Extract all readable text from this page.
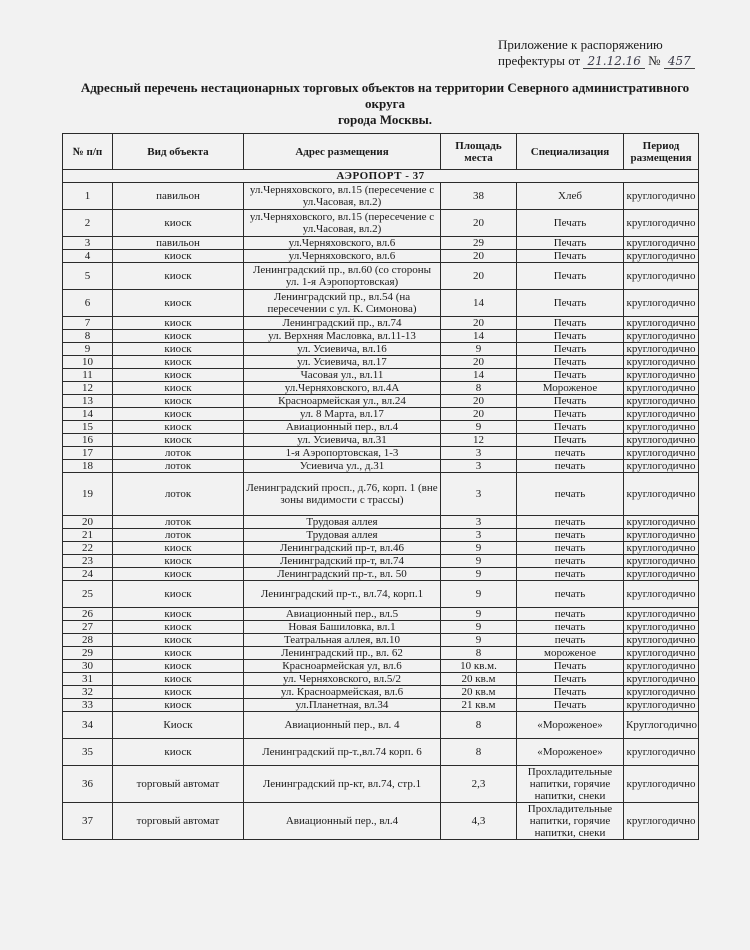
Приложение к распоряжению
префектуры от 21.12.16 № 457
Адресный перечень нестационарных торговых объектов на территории Северного административного округа
города Москвы.
№ п/п	Вид объекта	Адрес размещения	Площадь места	Специализация	Период размещения
АЭРОПОРТ - 37					
1	павильон	ул.Черняховского, вл.15 (пересечение с ул.Часовая, вл.2)	38	Хлеб	круглогодично
2	киоск	ул.Черняховского, вл.15 (пересечение с ул.Часовая, вл.2)	20	Печать	круглогодично
3	павильон	ул.Черняховского, вл.6	29	Печать	круглогодично
4	киоск	ул.Черняховского, вл.6	20	Печать	круглогодично
5	киоск	Ленинградский пр., вл.60 (со стороны ул. 1-я Аэропортовская)	20	Печать	круглогодично
6	киоск	Ленинградский пр., вл.54 (на пересечении с ул. К. Симонова)	14	Печать	круглогодично
7	киоск	Ленинградский пр., вл.74	20	Печать	круглогодично
8	киоск	ул. Верхняя Масловка, вл.11-13	14	Печать	круглогодично
9	киоск	ул. Усиевича, вл.16	9	Печать	круглогодично
10	киоск	ул. Усиевича, вл.17	20	Печать	круглогодично
11	киоск	Часовая ул., вл.11	14	Печать	круглогодично
12	киоск	ул.Черняховского, вл.4А	8	Мороженое	круглогодично
13	киоск	Красноармейская ул., вл.24	20	Печать	круглогодично
14	киоск	ул. 8 Марта, вл.17	20	Печать	круглогодично
15	киоск	Авиационный пер., вл.4	9	Печать	круглогодично
16	киоск	ул. Усиевича, вл.31	12	Печать	круглогодично
17	лоток	1-я Аэропортовская, 1-3	3	печать	круглогодично
18	лоток	Усиевича ул., д.31	3	печать	круглогодично
19	лоток	Ленинградский просп., д.76, корп. 1 (вне зоны видимости с трассы)	3	печать	круглогодично
20	лоток	Трудовая аллея	3	печать	круглогодично
21	лоток	Трудовая аллея	3	печать	круглогодично
22	киоск	Ленинградский пр-т, вл.46	9	печать	круглогодично
23	киоск	Ленинградский пр-т, вл.74	9	печать	круглогодично
24	киоск	Ленинградский пр-т., вл. 50	9	печать	круглогодично
25	киоск	Ленинградский пр-т., вл.74, корп.1	9	печать	круглогодично
26	киоск	Авиационный пер., вл.5	9	печать	круглогодично
27	киоск	Новая Башиловка, вл.1	9	печать	круглогодично
28	киоск	Театральная аллея, вл.10	9	печать	круглогодично
29	киоск	Ленинградский пр., вл. 62	8	мороженое	круглогодично
30	киоск	Красноармейская ул, вл.6	10 кв.м.	Печать	круглогодично
31	киоск	ул. Черняховского, вл.5/2	20 кв.м	Печать	круглогодично
32	киоск	ул. Красноармейская, вл.6	20 кв.м	Печать	круглогодично
33	киоск	ул.Планетная, вл.34	21 кв.м	Печать	круглогодично
34	Киоск	Авиационный пер., вл. 4	8	«Мороженое»	Круглогодично
35	киоск	Ленинградский пр-т.,вл.74 корп. 6	8	«Мороженое»	круглогодично
36	торговый автомат	Ленинградский пр-кт, вл.74, стр.1	2,3	Прохладительные напитки, горячие напитки, снеки	круглогодично
37	торговый автомат	Авиационный пер., вл.4	4,3	Прохладительные напитки, горячие напитки, снеки	круглогодично
